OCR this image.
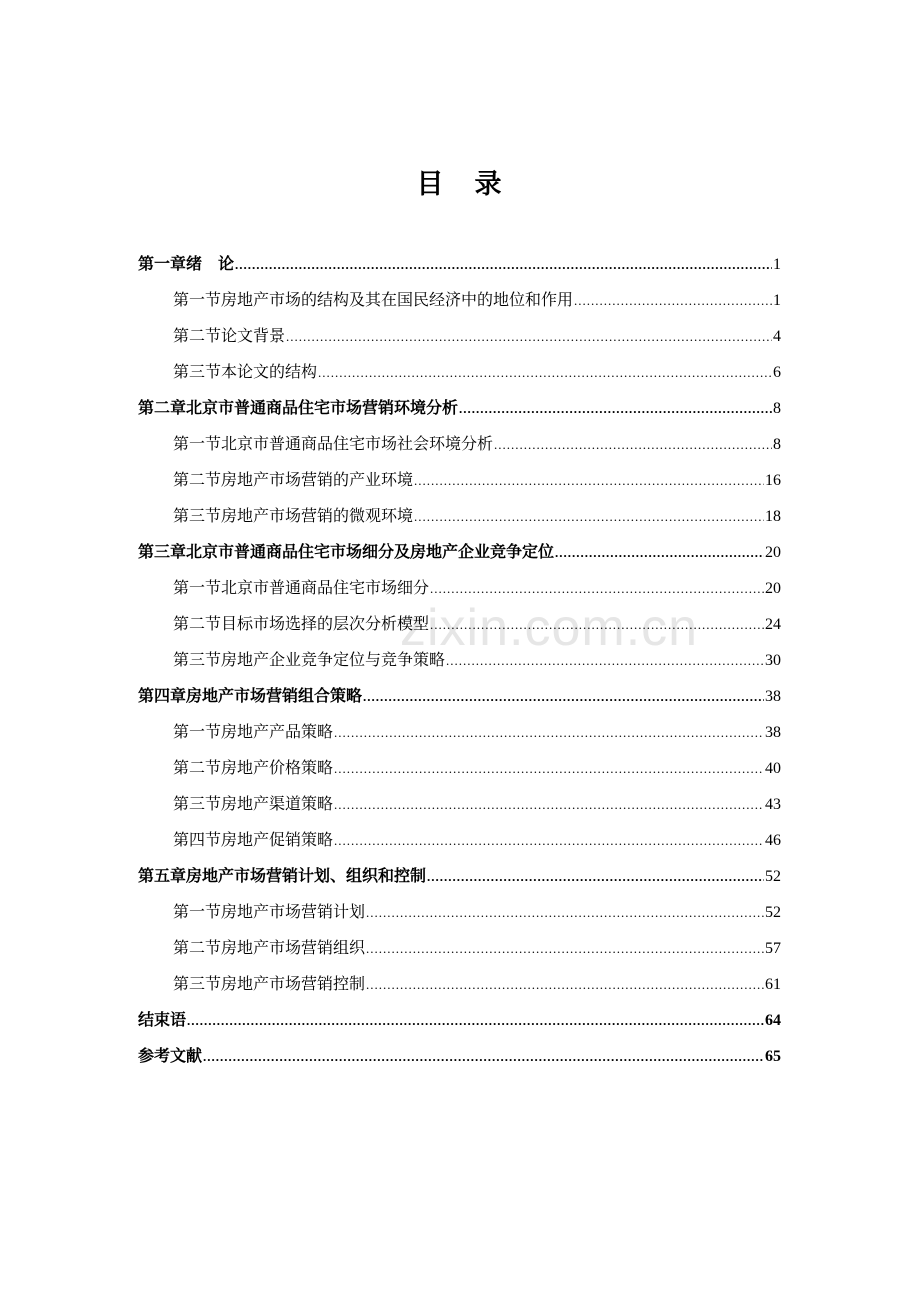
目　录
zixin.com.cn
第一章 绪　论 .....	1
第一节 房地产市场的结构及其在国民经济中的地位和作用 .....	1
第二节 论文背景 .....	4
第三节 本论文的结构 .....	6
第二章 北京市普通商品住宅市场营销环境分析 .....	8
第一节 北京市普通商品住宅市场社会环境分析 .....	8
第二节 房地产市场营销的产业环境 .....	16
第三节 房地产市场营销的微观环境 .....	18
第三章 北京市普通商品住宅市场细分及房地产企业竞争定位 .....	20
第一节 北京市普通商品住宅市场细分 .....	20
第二节 目标市场选择的层次分析模型 .....	24
第三节 房地产企业竞争定位与竞争策略 .....	30
第四章 房地产市场营销组合策略 .....	38
第一节 房地产产品策略 .....	38
第二节 房地产价格策略 .....	40
第三节 房地产渠道策略 .....	43
第四节 房地产促销策略 .....	46
第五章 房地产市场营销计划、组织和控制 .....	52
第一节 房地产市场营销计划 .....	52
第二节 房地产市场营销组织 .....	57
第三节 房地产市场营销控制 .....	61
结束语 .....	64
参考文献 .....	65
